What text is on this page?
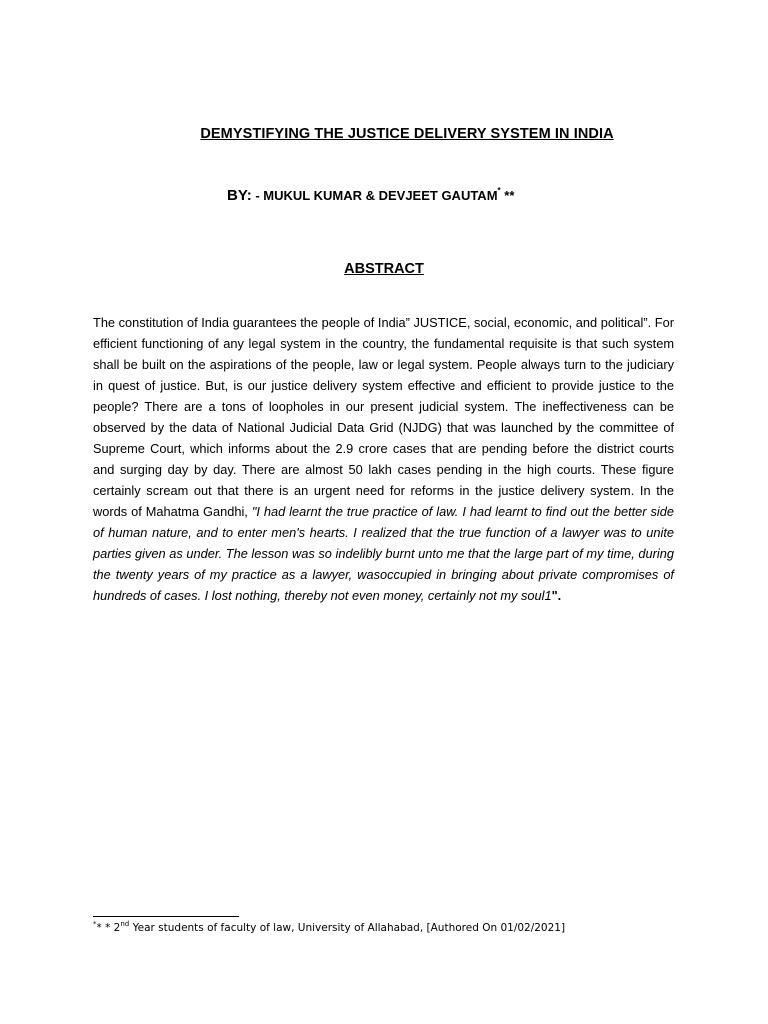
DEMYSTIFYING THE JUSTICE DELIVERY SYSTEM IN INDIA
BY: - MUKUL KUMAR & DEVJEET GAUTAM* **
ABSTRACT
The constitution of India guarantees the people of India” JUSTICE, social, economic, and political”. For efficient functioning of any legal system in the country, the fundamental requisite is that such system shall be built on the aspirations of the people, law or legal system. People always turn to the judiciary in quest of justice. But, is our justice delivery system effective and efficient to provide justice to the people? There are a tons of loopholes in our present judicial system. The ineffectiveness can be observed by the data of National Judicial Data Grid (NJDG) that was launched by the committee of Supreme Court, which informs about the 2.9 crore cases that are pending before the district courts and surging day by day. There are almost 50 lakh cases pending in the high courts. These figure certainly scream out that there is an urgent need for reforms in the justice delivery system. In the words of Mahatma Gandhi, "I had learnt the true practice of law. I had learnt to find out the better side of human nature, and to enter men's hearts. I realized that the true function of a lawyer was to unite parties given as under. The lesson was so indelibly burnt unto me that the large part of my time, during the twenty years of my practice as a lawyer, wasoccupied in bringing about private compromises of hundreds of cases. I lost nothing, thereby not even money, certainly not my soul1".
** * 2nd Year students of faculty of law, University of Allahabad, [Authored On 01/02/2021]
